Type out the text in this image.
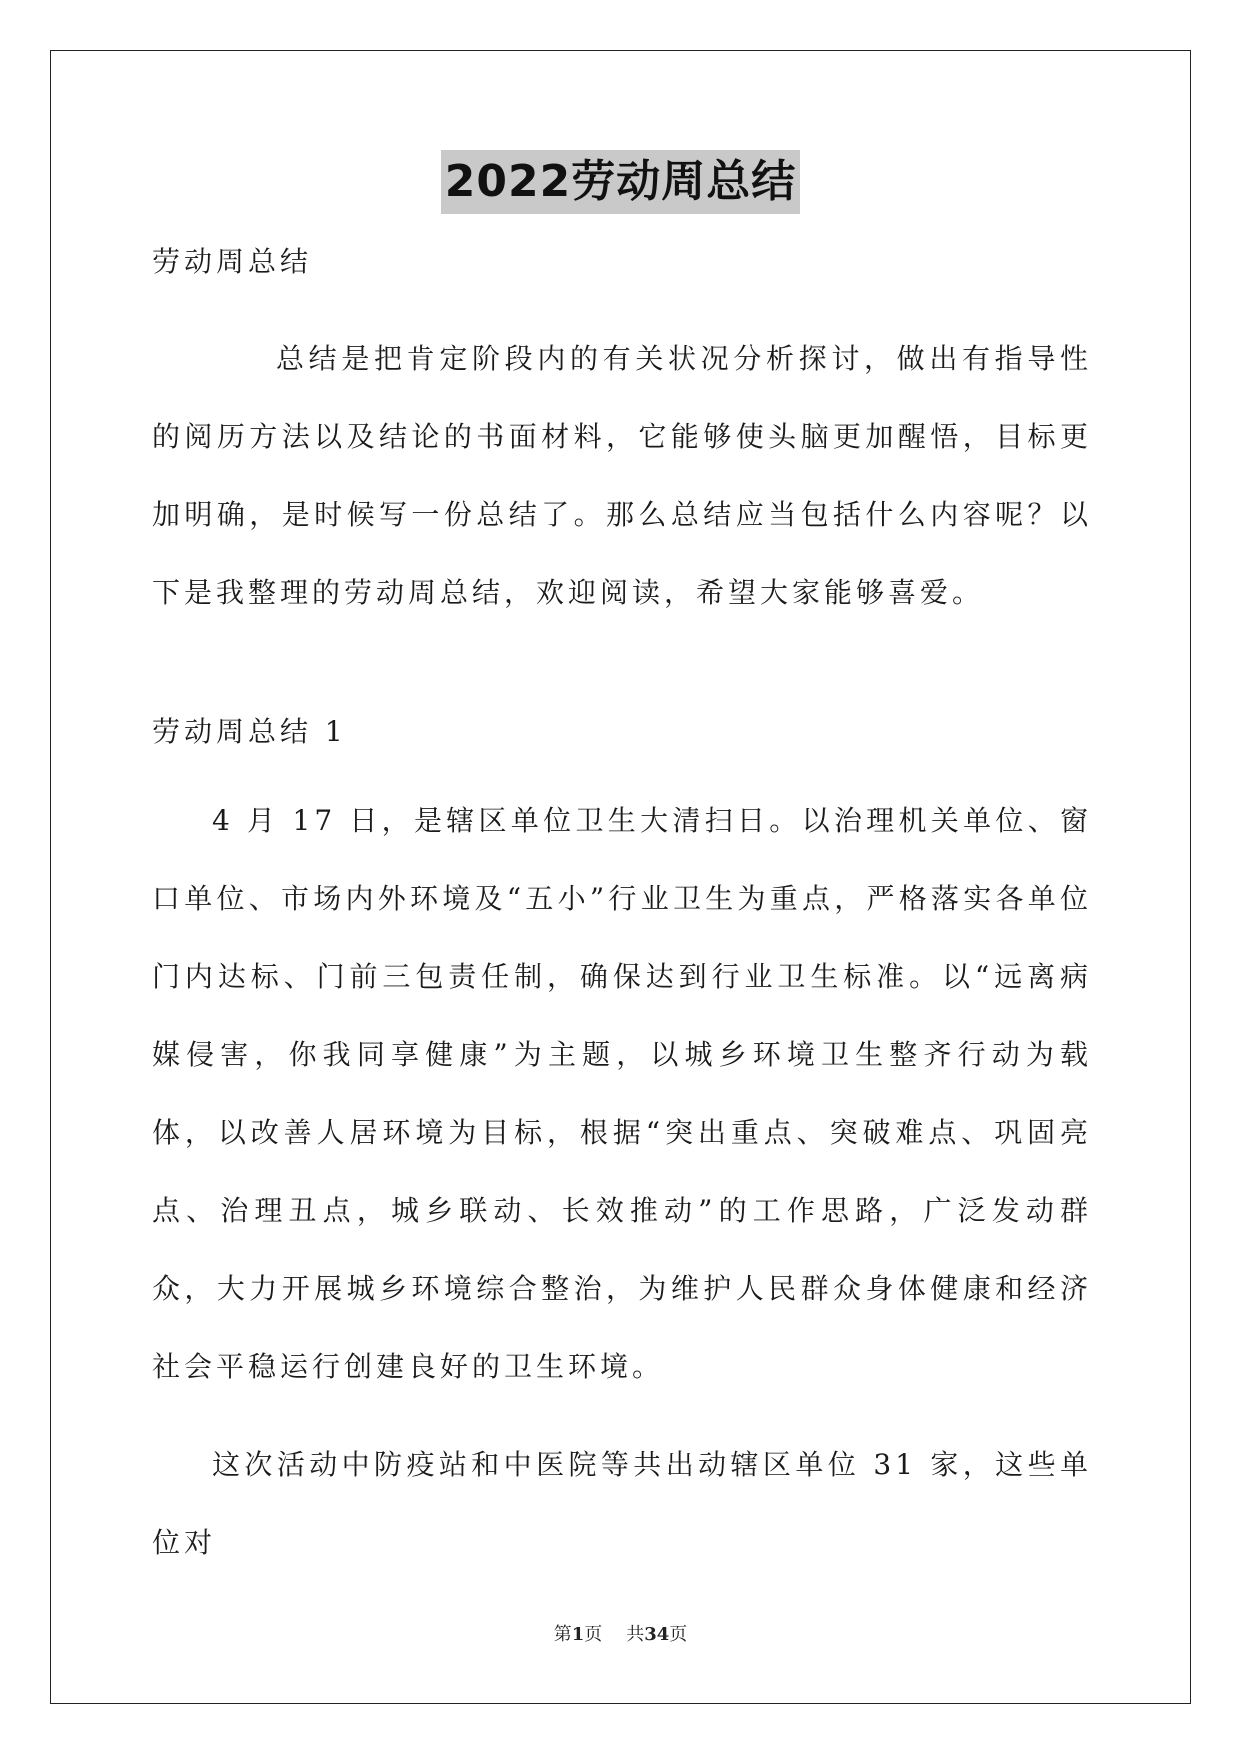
2022劳动周总结

劳动周总结

总结是把肯定阶段内的有关状况分析探讨，做出有指导性的阅历方法以及结论的书面材料，它能够使头脑更加醒悟，目标更加明确，是时候写一份总结了。那么总结应当包括什么内容呢？以下是我整理的劳动周总结，欢迎阅读，希望大家能够喜爱。

劳动周总结 1

4 月 17 日，是辖区单位卫生大清扫日。以治理机关单位、窗口单位、市场内外环境及“五小”行业卫生为重点，严格落实各单位门内达标、门前三包责任制，确保达到行业卫生标准。以“远离病媒侵害，你我同享健康”为主题，以城乡环境卫生整齐行动为载体，以改善人居环境为目标，根据“突出重点、突破难点、巩固亮点、治理丑点，城乡联动、长效推动”的工作思路，广泛发动群众，大力开展城乡环境综合整治，为维护人民群众身体健康和经济社会平稳运行创建良好的卫生环境。

这次活动中防疫站和中医院等共出动辖区单位 31 家，这些单位对

第1页 共34页
